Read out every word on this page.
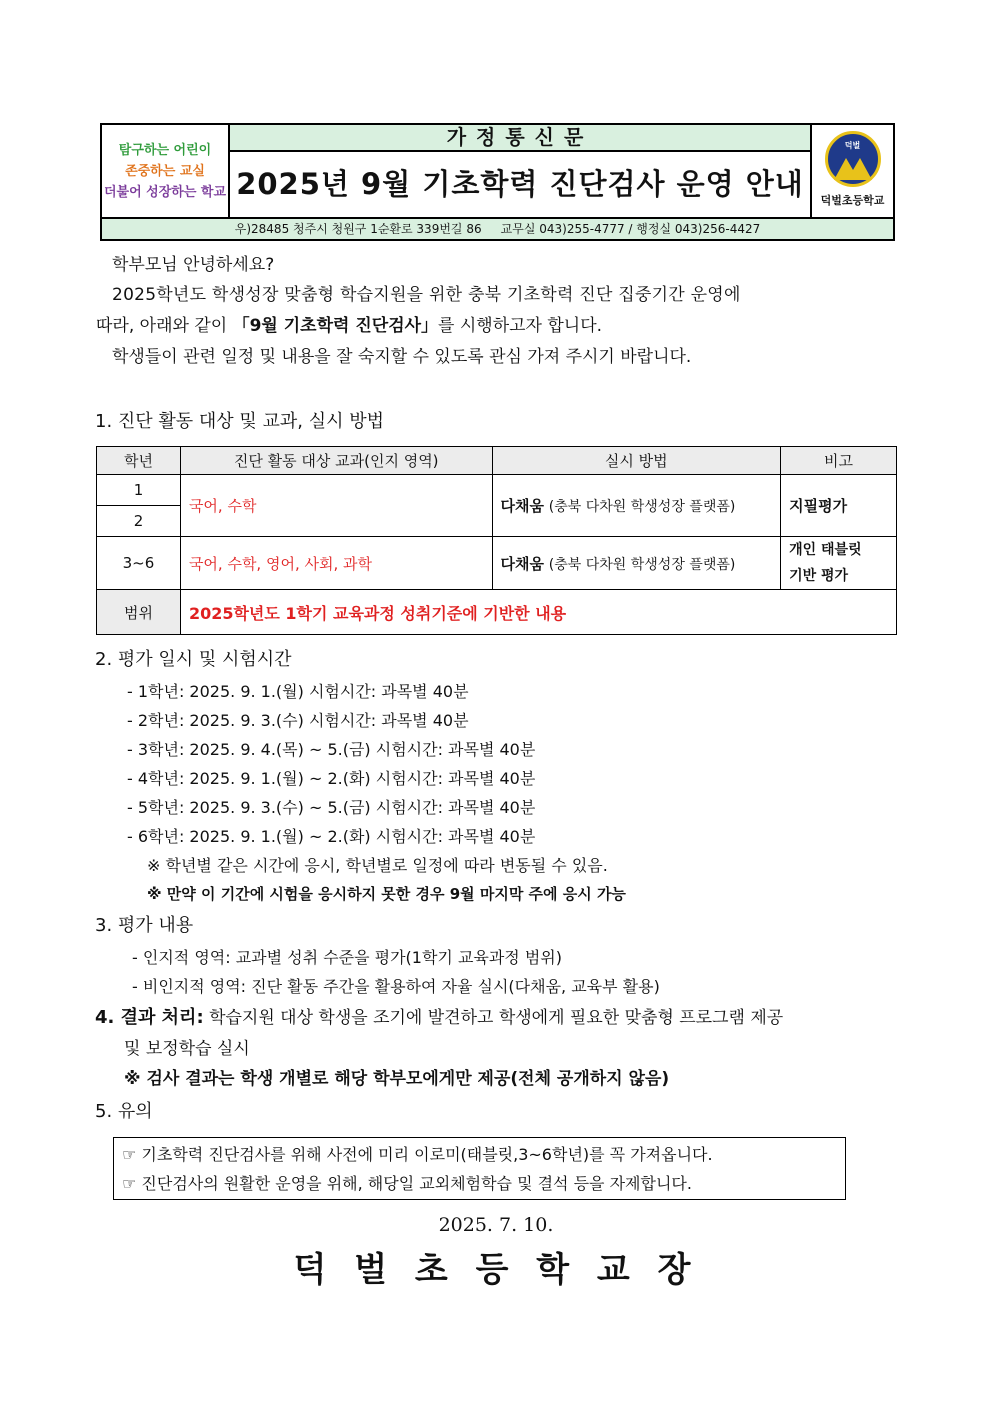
탐구하는 어린이
존중하는 교실
더불어 성장하는 학교
가정통신문
2025년 9월 기초학력 진단검사 운영 안내
덕벌
덕벌초등학교
우)28485 청주시 청원구 1순환로 339번길 86 교무실 043)255-4777 / 행정실 043)256-4427
학부모님 안녕하세요?
2025학년도 학생성장 맞춤형 학습지원을 위한 충북 기초학력 진단 집중기간 운영에
따라, 아래와 같이 「9월 기초학력 진단검사」를 시행하고자 합니다.
학생들이 관련 일정 및 내용을 잘 숙지할 수 있도록 관심 가져 주시기 바랍니다.
1. 진단 활동 대상 및 교과, 실시 방법
학년	진단 활동 대상 교과(인지 영역)	실시 방법	비고
1	국어, 수학	다채움 (충북 다차원 학생성장 플랫폼)	지필평가
2			
3~6	국어, 수학, 영어, 사회, 과학	다채움 (충북 다차원 학생성장 플랫폼)	개인 태블릿
기반 평가

범위	2025학년도 1학기 교육과정 성취기준에 기반한 내용		
2. 평가 일시 및 시험시간
- 1학년: 2025. 9. 1.(월) 시험시간: 과목별 40분
- 2학년: 2025. 9. 3.(수) 시험시간: 과목별 40분
- 3학년: 2025. 9. 4.(목) ~ 5.(금) 시험시간: 과목별 40분
- 4학년: 2025. 9. 1.(월) ~ 2.(화) 시험시간: 과목별 40분
- 5학년: 2025. 9. 3.(수) ~ 5.(금) 시험시간: 과목별 40분
- 6학년: 2025. 9. 1.(월) ~ 2.(화) 시험시간: 과목별 40분
※ 학년별 같은 시간에 응시, 학년별로 일정에 따라 변동될 수 있음.
※ 만약 이 기간에 시험을 응시하지 못한 경우 9월 마지막 주에 응시 가능
3. 평가 내용
- 인지적 영역: 교과별 성취 수준을 평가(1학기 교육과정 범위)
- 비인지적 영역: 진단 활동 주간을 활용하여 자율 실시(다채움, 교육부 활용)
4. 결과 처리: 학습지원 대상 학생을 조기에 발견하고 학생에게 필요한 맞춤형 프로그램 제공
및 보정학습 실시
※ 검사 결과는 학생 개별로 해당 학부모에게만 제공(전체 공개하지 않음)
5. 유의
☞ 기초학력 진단검사를 위해 사전에 미리 이로미(태블릿,3~6학년)를 꼭 가져옵니다.
☞ 진단검사의 원활한 운영을 위해, 해당일 교외체험학습 및 결석 등을 자제합니다.
2025. 7. 10.
덕 벌 초 등 학 교 장
